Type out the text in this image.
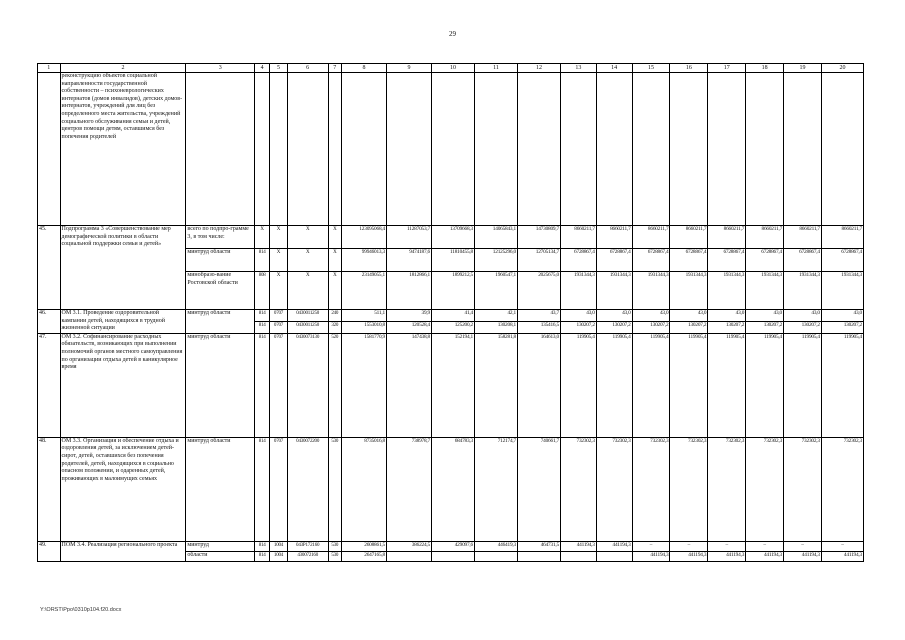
29
1	2	3	4	5	6	7	8	9	10	11	12	13	14	15	16	17	18	19	20
	реконструкцию объектов социальной направленности государственной собственности – психоневрологических интернатов (домов инвалидов), детских домов-интернатов, учреждений для лиц без определенного места жительства, учреждений социального обслуживания семьи и детей, центров помощи детям, оставшимся без попечения родителей																		
45.	Подпрограмма 3 «Совершенствование мер демографической политики в области социальной поддержки семьи и детей»	всего по подпро-грамме 3, в том числе:	X	X	X	X	123095068,4	11287053,7	13709668,3	14065843,1	14730809,7	8660211,7	8660211,7	8660211,7	8660211,7	8660211,7	8660211,7	8660211,7	8660211,7
		минтруд области	814	X	X	X	99946013,3	9474187,6	11810455,8	12125296,0	12705134,7	6728867,4	6728867,4	6728867,4	6728867,4	6728867,4	6728867,4	6728867,4	6728867,4
		минобразо-вание Ростовской области	808	X	X	X	23149055,1	1812866,1	1899212,5	1960547,1	2025675,0	1931344,3	1931344,3	1931344,3	1931344,3	1931344,3	1931344,3	1931344,3	1931344,3
46.	ОМ 3.1. Проведение оздоровительной кампании детей, находящихся в трудной жизненной ситуации	минтруд области	814	0707	0430011250	240	511,1	39,9	41,4	42,1	43,7	43,0	43,0	43,0	43,0	43,0	43,0	43,0	43,0
			814	0707	0430011250	320	1553010,8	120528,4	125200,2	130208,1	135416,5	130207,2	130207,2	130207,2	130207,2	130207,2	130207,2	130207,2	130207,2
47.	ОМ 3.2. Софинансирование расходных обязательств, возникающих при выполнении полномочий органов местного самоуправления по организации отдыха детей в каникулярное время	минтруд области	814	0707	0430073130	520	1581770,9	147438,8	152194,1	158281,8	164613,0	119905,4	119905,4	119905,4	119905,4	119905,4	119905,4	119905,4	119905,4
48.	ОМ 3.3. Организация и обеспечение отдыха и оздоровления детей, за исключением детей-сирот, детей, оставшихся без попечения родителей, детей, находящихся в социально опасном положении, и одаренных детей, проживающих в малоимущих семьях	минтруд области	814	0707	0430072200	530	8735016,8	738978,7	684783,3	712174,7	740661,7	732302,3	732302,3	732302,3	732302,3	732302,3	732302,3	732302,3	732302,3
49.	ПОМ 3.4. Реализация регионального проекта	минтруд	814	1004	043Р172160	530	2608861,5	386224,5	429097,6	446419,3	464731,5	441194,3	441194,3	–	–	–	–	–	–
		области	814	1004	430072160	530	2647165,8							441194,3	441194,3	441194,3	441194,3	441194,3	441194,3
Y:\ORST\Ppo\0310p104.f20.docx
